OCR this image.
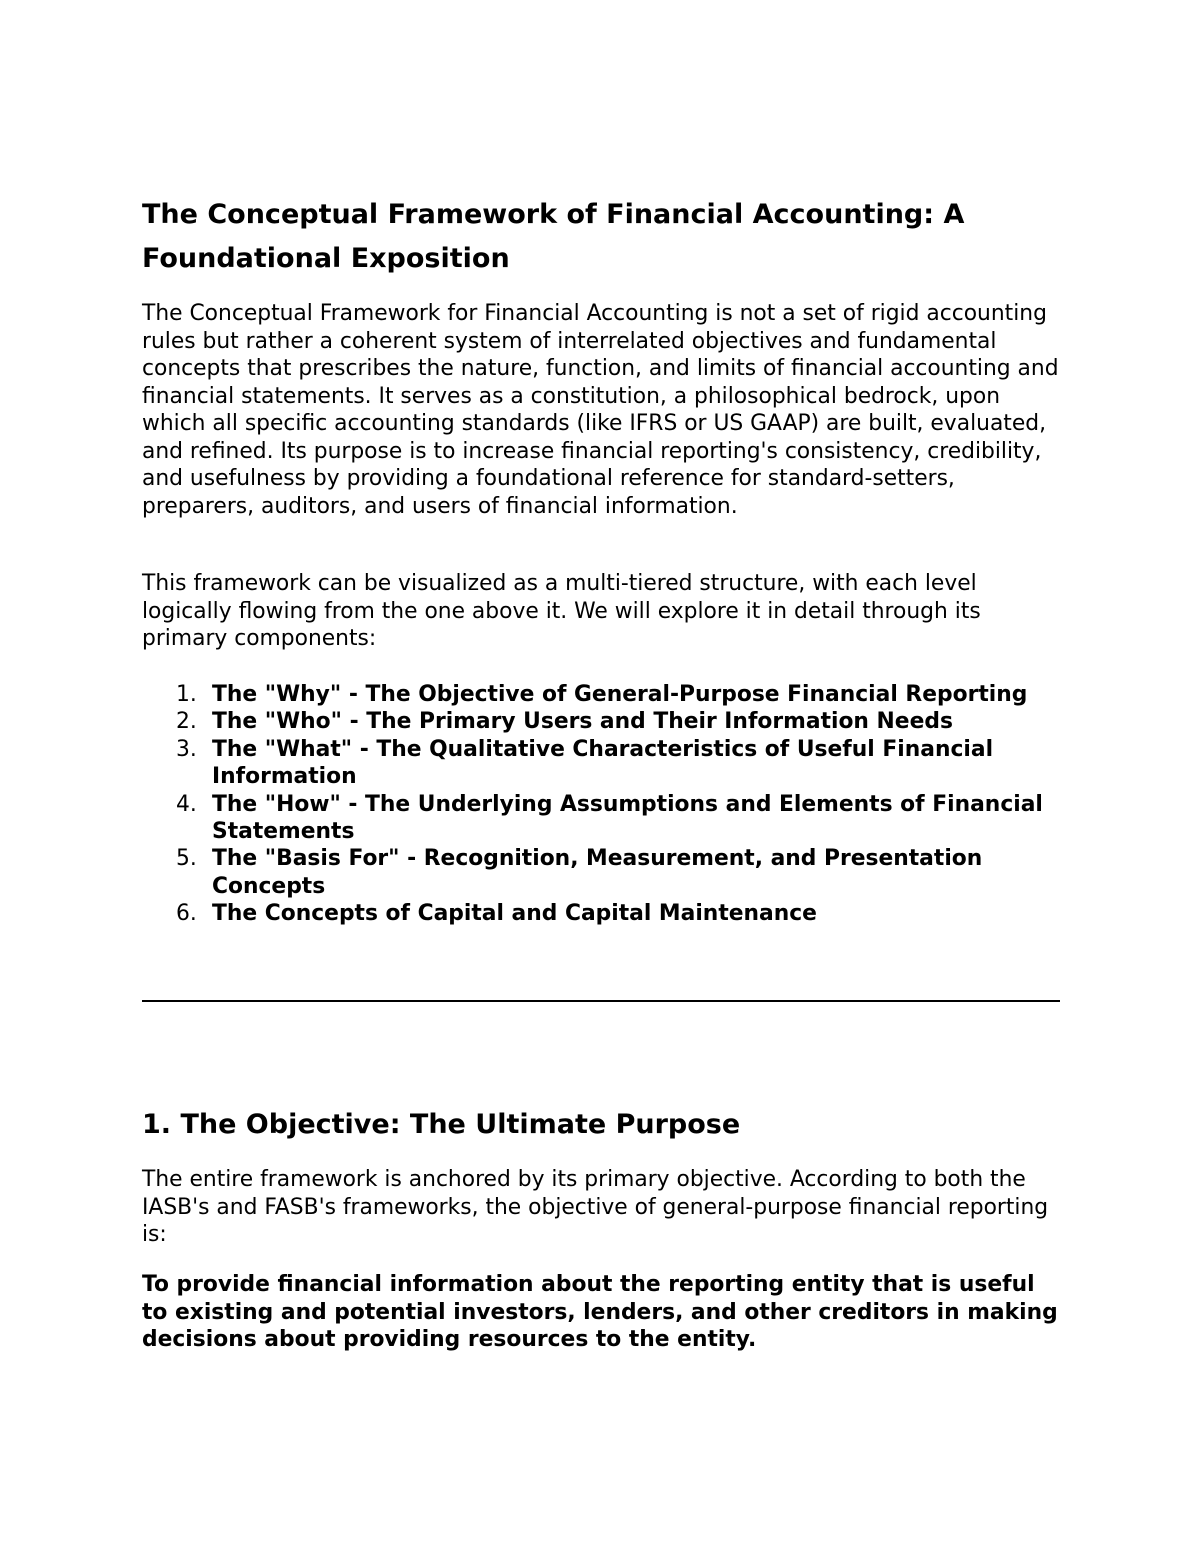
The Conceptual Framework of Financial Accounting: A Foundational Exposition

The Conceptual Framework for Financial Accounting is not a set of rigid accounting rules but rather a coherent system of interrelated objectives and fundamental concepts that prescribes the nature, function, and limits of financial accounting and financial statements. It serves as a constitution, a philosophical bedrock, upon which all specific accounting standards (like IFRS or US GAAP) are built, evaluated, and refined. Its purpose is to increase financial reporting's consistency, credibility, and usefulness by providing a foundational reference for standard-setters, preparers, auditors, and users of financial information.

This framework can be visualized as a multi-tiered structure, with each level logically flowing from the one above it. We will explore it in detail through its primary components:

1. The "Why" - The Objective of General-Purpose Financial Reporting
2. The "Who" - The Primary Users and Their Information Needs
3. The "What" - The Qualitative Characteristics of Useful Financial Information
4. The "How" - The Underlying Assumptions and Elements of Financial Statements
5. The "Basis For" - Recognition, Measurement, and Presentation Concepts
6. The Concepts of Capital and Capital Maintenance
1. The Objective: The Ultimate Purpose

The entire framework is anchored by its primary objective. According to both the IASB's and FASB's frameworks, the objective of general-purpose financial reporting is:

To provide financial information about the reporting entity that is useful to existing and potential investors, lenders, and other creditors in making decisions about providing resources to the entity.
